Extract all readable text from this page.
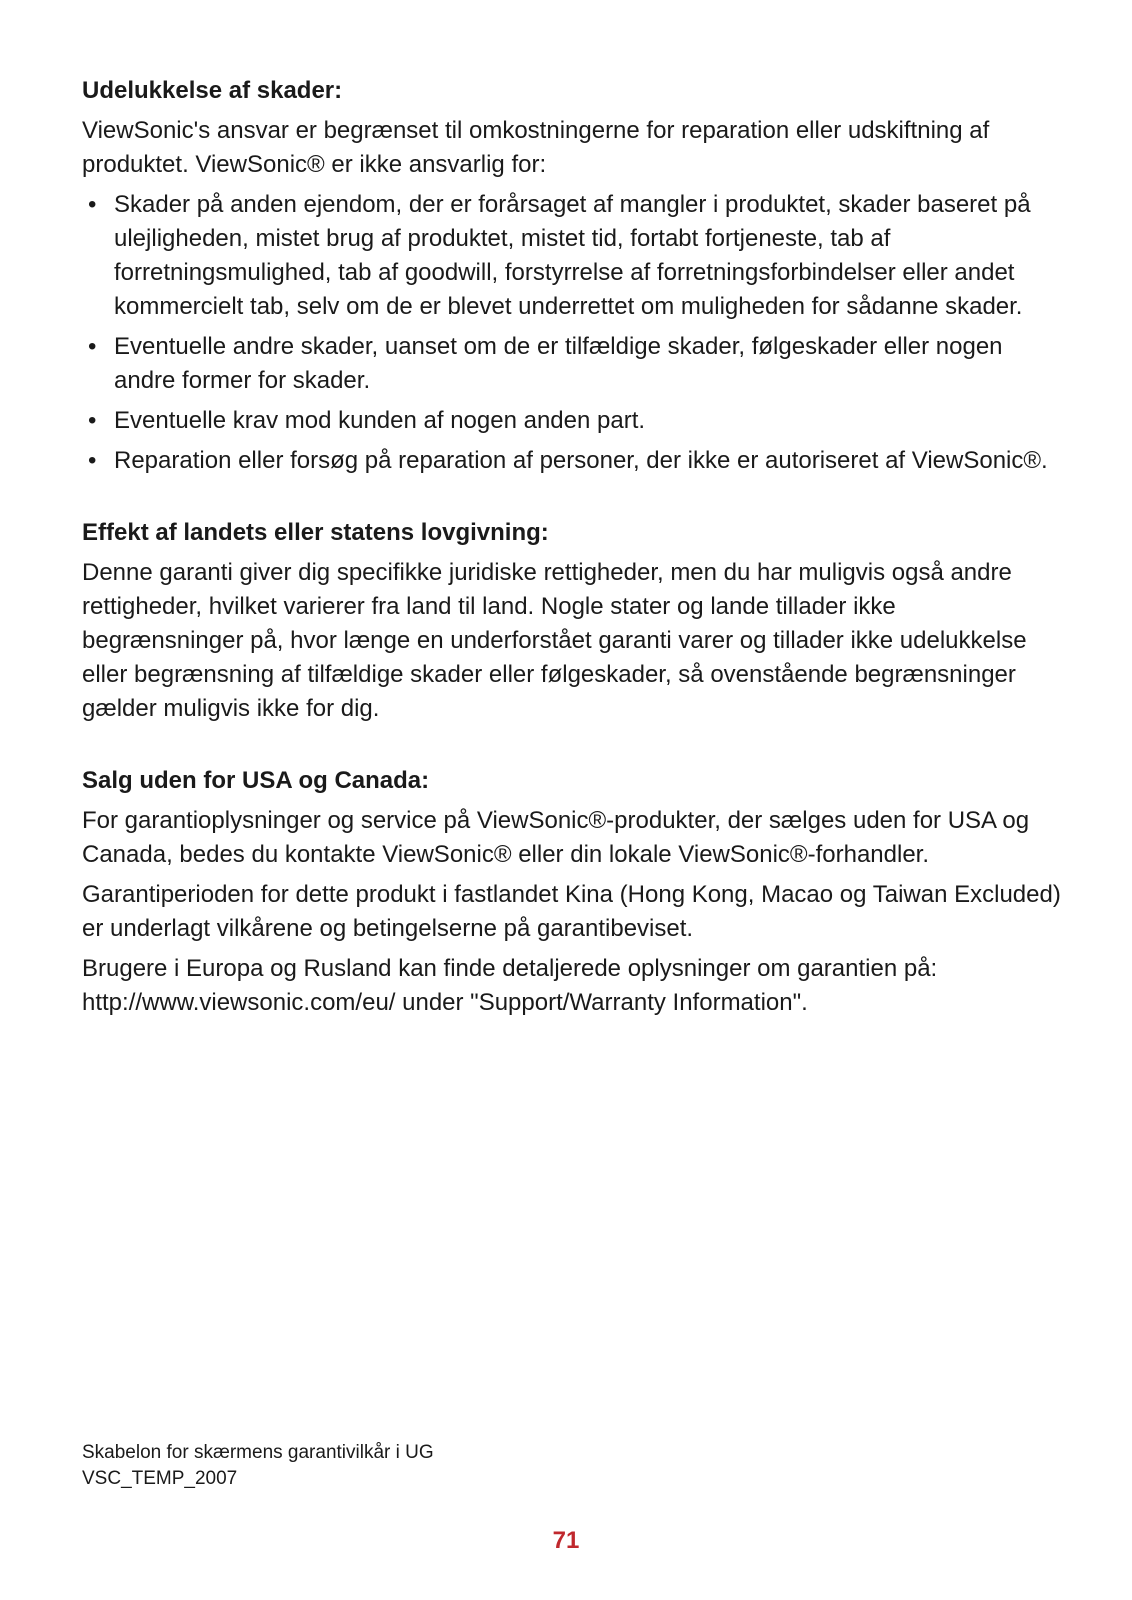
Udelukkelse af skader:

ViewSonic's ansvar er begrænset til omkostningerne for reparation eller udskiftning af produktet. ViewSonic® er ikke ansvarlig for:

• Skader på anden ejendom, der er forårsaget af mangler i produktet, skader baseret på ulejligheden, mistet brug af produktet, mistet tid, fortabt fortjeneste, tab af forretningsmulighed, tab af goodwill, forstyrrelse af forretningsforbindelser eller andet kommercielt tab, selv om de er blevet underrettet om muligheden for sådanne skader.
• Eventuelle andre skader, uanset om de er tilfældige skader, følgeskader eller nogen andre former for skader.
• Eventuelle krav mod kunden af nogen anden part.
• Reparation eller forsøg på reparation af personer, der ikke er autoriseret af ViewSonic®.
Effekt af landets eller statens lovgivning:

Denne garanti giver dig specifikke juridiske rettigheder, men du har muligvis også andre rettigheder, hvilket varierer fra land til land. Nogle stater og lande tillader ikke begrænsninger på, hvor længe en underforstået garanti varer og tillader ikke udelukkelse eller begrænsning af tilfældige skader eller følgeskader, så ovenstående begrænsninger gælder muligvis ikke for dig.

Salg uden for USA og Canada:

For garantioplysninger og service på ViewSonic®-produkter, der sælges uden for USA og Canada, bedes du kontakte ViewSonic® eller din lokale ViewSonic®-forhandler.

Garantiperioden for dette produkt i fastlandet Kina (Hong Kong, Macao og Taiwan Excluded) er underlagt vilkårene og betingelserne på garantibeviset.

Brugere i Europa og Rusland kan finde detaljerede oplysninger om garantien på: http://www.viewsonic.com/eu/ under "Support/Warranty Information".

Skabelon for skærmens garantivilkår i UG
VSC_TEMP_2007
71
